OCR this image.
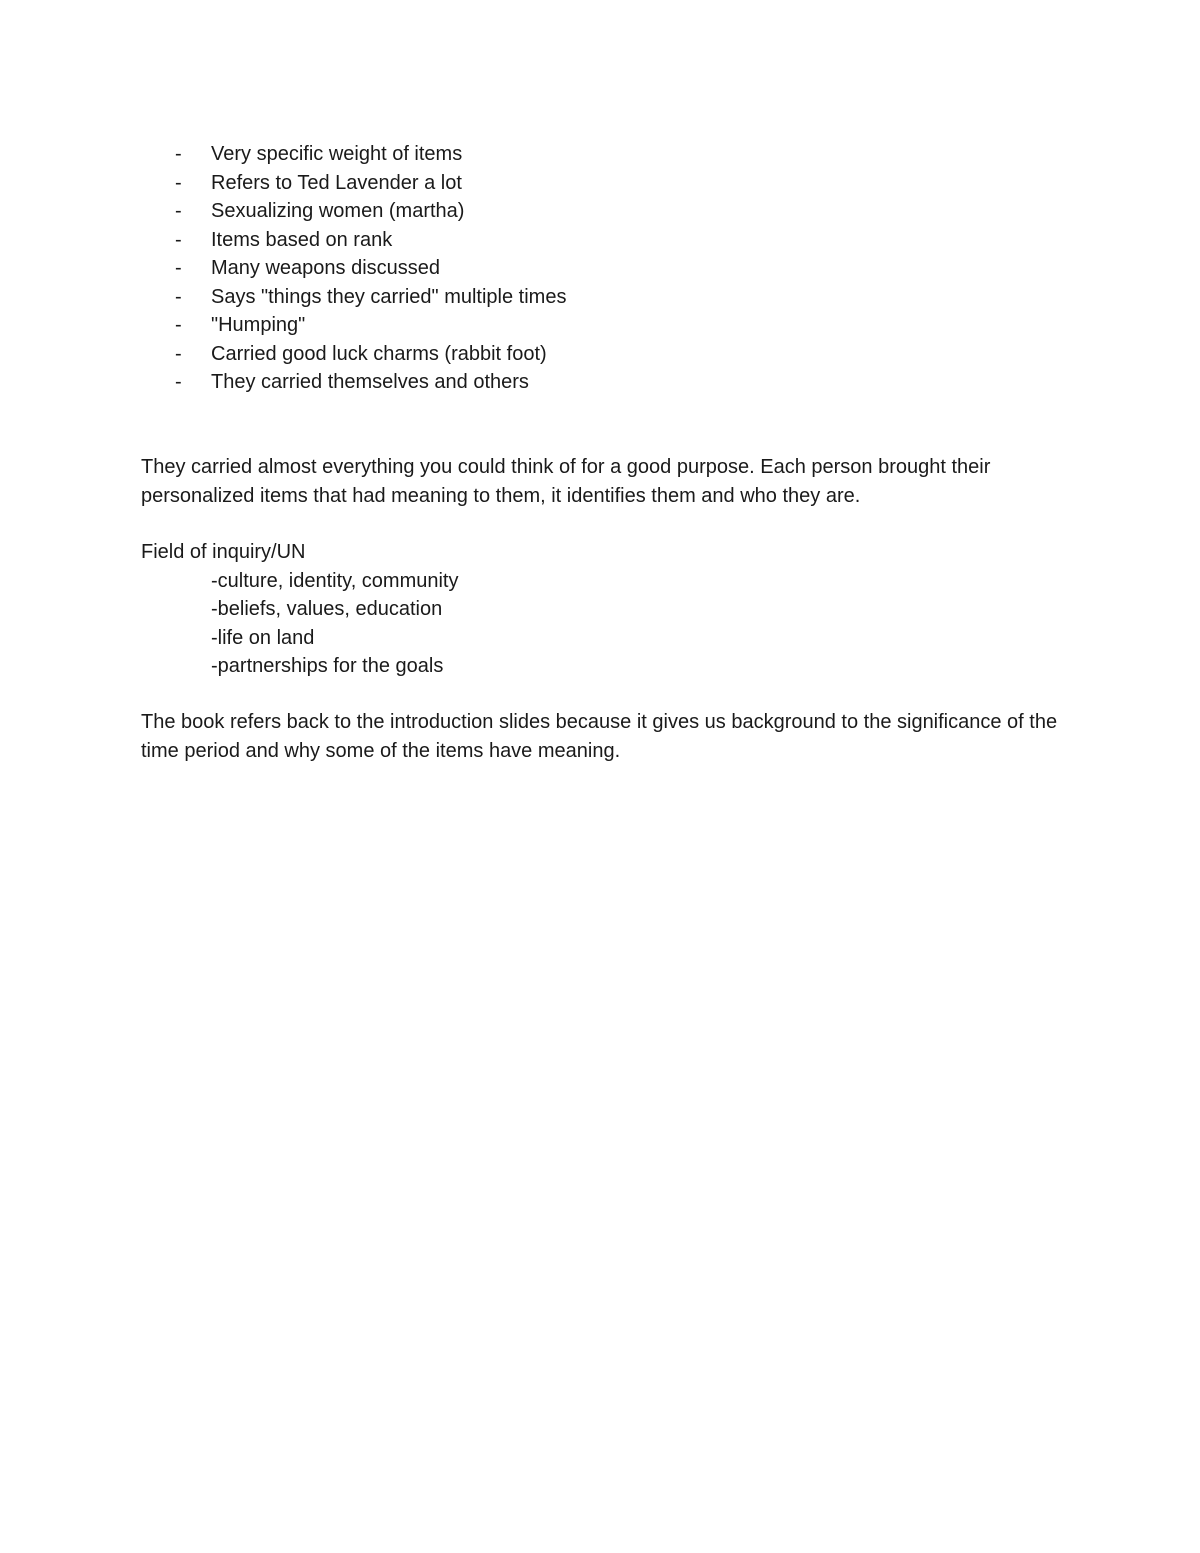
- Very specific weight of items
- Refers to Ted Lavender a lot
- Sexualizing women (martha)
- Items based on rank
- Many weapons discussed
- Says "things they carried" multiple times
- "Humping"
- Carried good luck charms (rabbit foot)
- They carried themselves and others

They carried almost everything you could think of for a good purpose. Each person brought their personalized items that had meaning to them, it identifies them and who they are.

Field of inquiry/UN
-culture, identity, community
-beliefs, values, education
-life on land
-partnerships for the goals

The book refers back to the introduction slides because it gives us background to the significance of the time period and why some of the items have meaning.
